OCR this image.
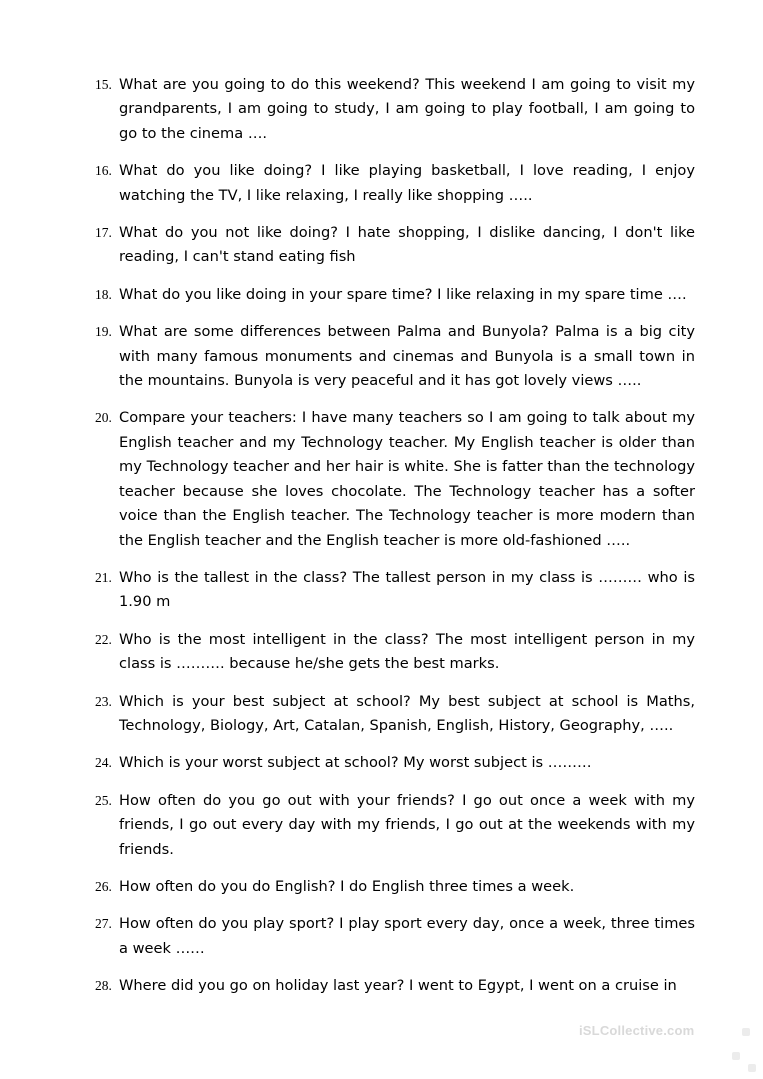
15. What are you going to do this weekend? This weekend I am going to visit my grandparents, I am going to study, I am going to play football, I am going to go to the cinema ….
16. What do you like doing? I like playing basketball, I love reading, I enjoy watching the TV, I like relaxing, I really like shopping …..
17. What do you not like doing? I hate shopping, I dislike dancing, I don't like reading, I can't stand eating fish
18. What do you like doing in your spare time? I like relaxing in my spare time ….
19. What are some differences between Palma and Bunyola? Palma is a big city with many famous monuments and cinemas and Bunyola is a small town in the mountains. Bunyola is very peaceful and it has got lovely views …..
20. Compare your teachers: I have many teachers so I am going to talk about my English teacher and my Technology teacher. My English teacher is older than my Technology teacher and her hair is white. She is fatter than the technology teacher because she loves chocolate. The Technology teacher has a softer voice than the English teacher. The Technology teacher is more modern than the English teacher and the English teacher is more old-fashioned …..
21. Who is the tallest in the class? The tallest person in my class is ……… who is 1.90 m
22. Who is the most intelligent in the class? The most intelligent person in my class is ………. because he/she gets the best marks.
23. Which is your best subject at school? My best subject at school is Maths, Technology, Biology, Art, Catalan, Spanish, English, History, Geography, …..
24. Which is your worst subject at school? My worst subject is ………
25. How often do you go out with your friends? I go out once a week with my friends, I go out every day with my friends, I go out at the weekends with my friends.
26. How often do you do English? I do English three times a week.
27. How often do you play sport? I play sport every day, once a week, three times a week ……
28. Where did you go on holiday last year? I went to Egypt, I went on a cruise in
iSLCollective.com
